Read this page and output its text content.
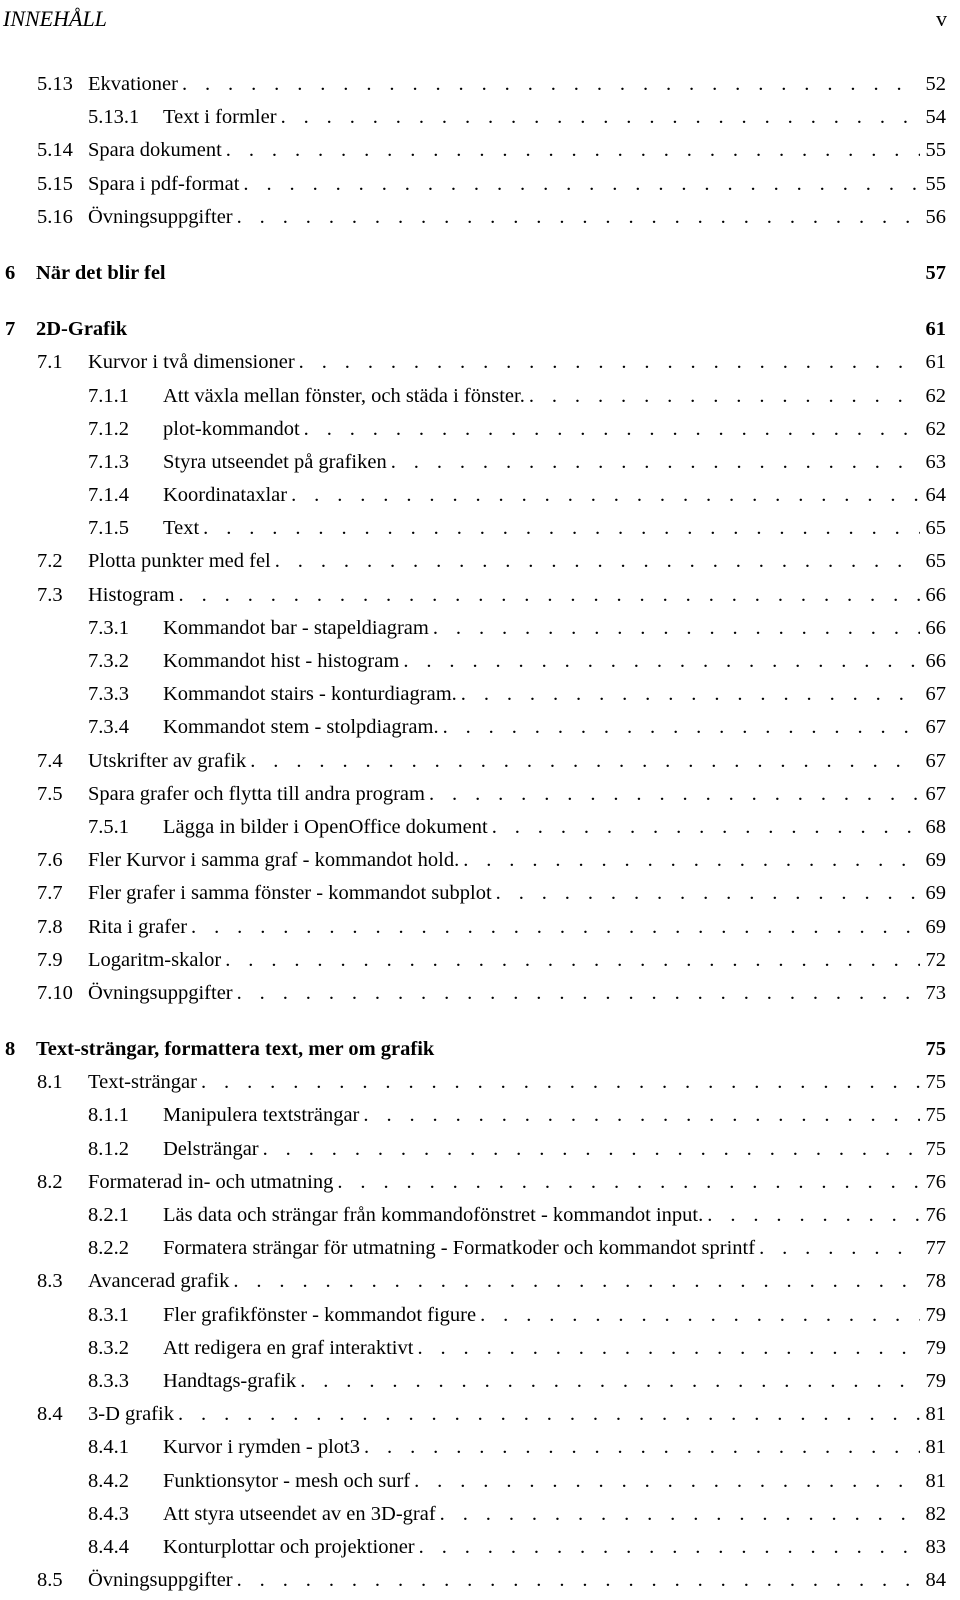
INNEHÅLL	v
5.13 Ekvationer . . .	52
5.13.1	Text i formler . . .	54
5.14 Spara dokument . . .	55
5.15 Spara i pdf-format . . .	55
5.16 Övningsuppgifter . . .	56
6	När det blir fel	57
7	2D-Grafik	61
7.1	Kurvor i två dimensioner . . .	61
7.1.1	Att växla mellan fönster, och städa i fönster. . . .	62
7.1.2	plot-kommandot . . .	62
7.1.3	Styra utseendet på grafiken . . .	63
7.1.4	Koordinataxlar . . .	64
7.1.5	Text . . .	65
7.2	Plotta punkter med fel . . .	65
7.3	Histogram . . .	66
7.3.1	Kommandot bar - stapeldiagram . . .	66
7.3.2	Kommandot hist - histogram . . .	66
7.3.3	Kommandot stairs - konturdiagram. . . .	67
7.3.4	Kommandot stem - stolpdiagram. . . .	67
7.4	Utskrifter av grafik . . .	67
7.5	Spara grafer och flytta till andra program . . .	67
7.5.1	Lägga in bilder i OpenOffice dokument . . .	68
7.6	Fler Kurvor i samma graf - kommandot hold. . . .	69
7.7	Fler grafer i samma fönster - kommandot subplot . . .	69
7.8	Rita i grafer . . .	69
7.9	Logaritm-skalor . . .	72
7.10 Övningsuppgifter . . .	73
8	Text-strängar, formattera text, mer om grafik	75
8.1	Text-strängar . . .	75
8.1.1	Manipulera textsträngar . . .	75
8.1.2	Delsträngar . . .	75
8.2	Formaterad in- och utmatning . . .	76
8.2.1	Läs data och strängar från kommandofönstret - kommandot input. . . .	76
8.2.2	Formatera strängar för utmatning - Formatkoder och kommandot sprintf . . .	77
8.3	Avancerad grafik . . .	78
8.3.1	Fler grafikfönster - kommandot figure . . .	79
8.3.2	Att redigera en graf interaktivt . . .	79
8.3.3	Handtags-grafik . . .	79
8.4	3-D grafik . . .	81
8.4.1	Kurvor i rymden - plot3 . . .	81
8.4.2	Funktionsytor - mesh och surf . . .	81
8.4.3	Att styra utseendet av en 3D-graf . . .	82
8.4.4	Konturplottar och projektioner . . .	83
8.5	Övningsuppgifter . . .	84
